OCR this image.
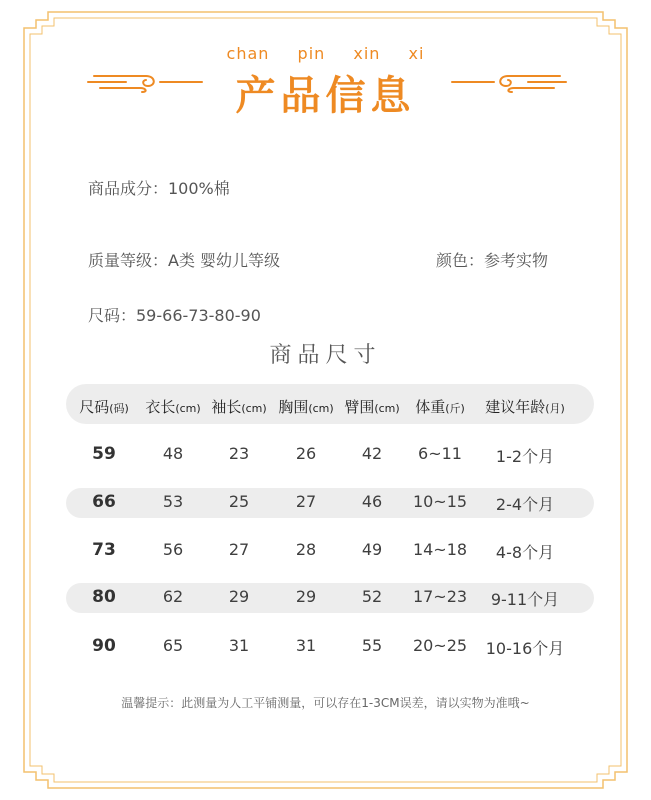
chan pin xin xi
产品信息
商品成分：100%棉
质量等级：A类 婴幼儿等级	颜色：参考实物
尺码：59-66-73-80-90
商品尺寸
尺码(码) 衣长(cm) 袖长(cm) 胸围(cm) 臂围(cm) 体重(斤) 建议年龄(月)
59	48	23	26	42 6~11 1-2个月
66	53	25	27	46 10~15 2-4个月
73	56	27	28	49 14~18 4-8个月
80	62	29	29	52 17~23 9-11个月
90	65	31	31	55 20~25 10-16个月
温馨提示：此测量为人工平铺测量，可以存在1-3CM误差，请以实物为准哦~
